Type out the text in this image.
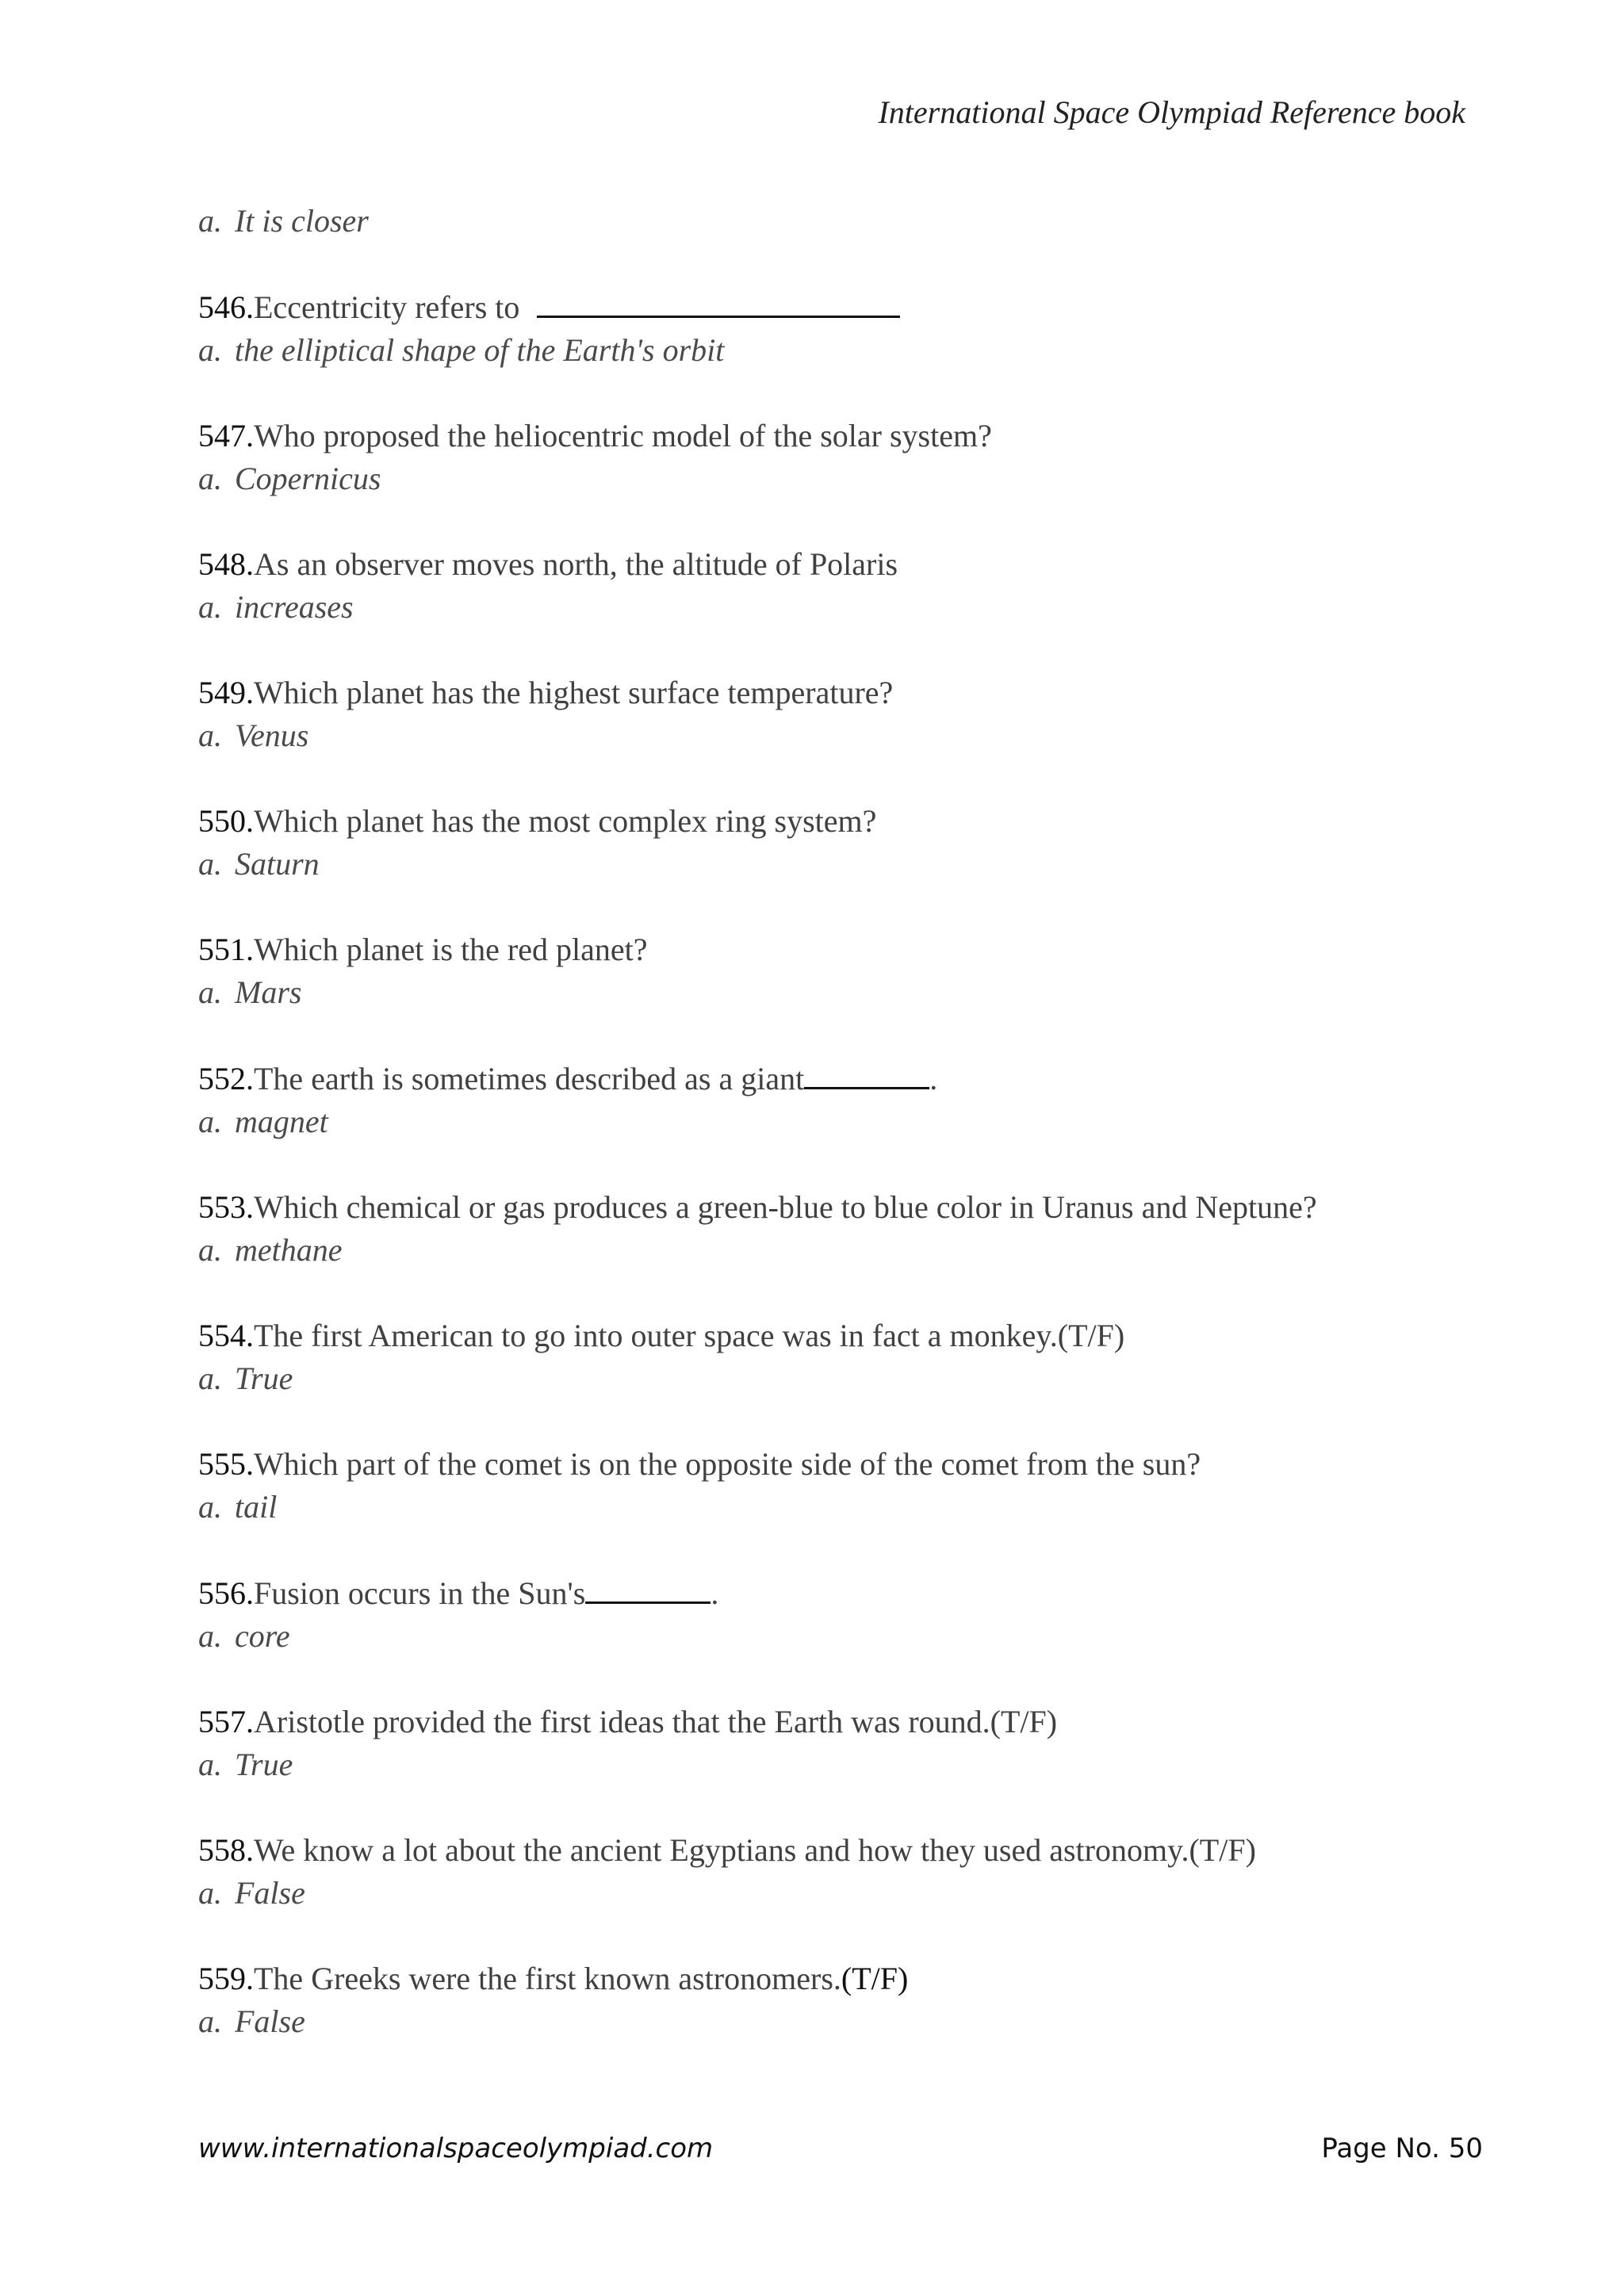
International Space Olympiad Reference book
a. It is closer
546.Eccentricity refers to
a. the elliptical shape of the Earth's orbit
547.Who proposed the heliocentric model of the solar system?
a. Copernicus
548.As an observer moves north, the altitude of Polaris
a. increases
549.Which planet has the highest surface temperature?
a. Venus
550.Which planet has the most complex ring system?
a. Saturn
551.Which planet is the red planet?
a. Mars
552.The earth is sometimes described as a giant	.
a. magnet
553.Which chemical or gas produces a green-blue to blue color in Uranus and Neptune?
a. methane
554.The first American to go into outer space was in fact a monkey.(T/F)
a. True
555.Which part of the comet is on the opposite side of the comet from the sun?
a. tail
556.Fusion occurs in the Sun's	.
a. core
557.Aristotle provided the first ideas that the Earth was round.(T/F)
a. True
558.We know a lot about the ancient Egyptians and how they used astronomy.(T/F)
a. False
559.The Greeks were the first known astronomers.(T/F)
a. False
www.internationalspaceolympiad.com	Page No. 50
